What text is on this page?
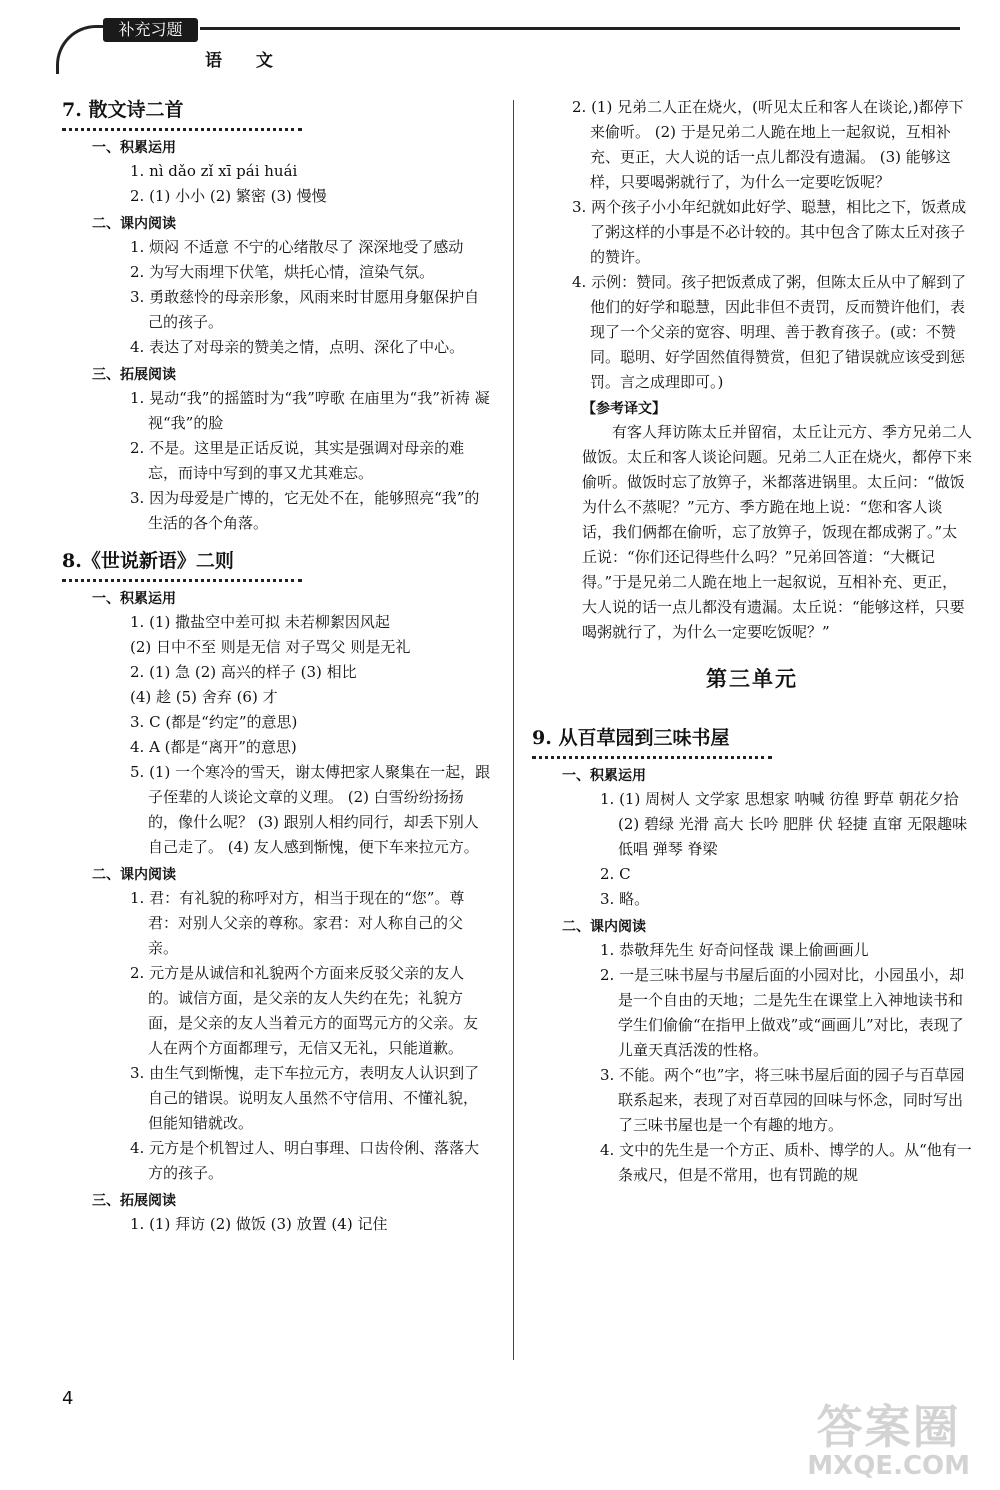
补充习题
语 文
7. 散文诗二首
一、积累运用
1. nì dǎo zǐ xī pái huái
2. (1) 小小 (2) 繁密 (3) 慢慢
二、课内阅读
1. 烦闷 不适意 不宁的心绪散尽了 深深地受了感动
2. 为写大雨埋下伏笔，烘托心情，渲染气氛。
3. 勇敢慈怜的母亲形象，风雨来时甘愿用身躯保护自己的孩子。
4. 表达了对母亲的赞美之情，点明、深化了中心。
三、拓展阅读
1. 晃动“我”的摇篮时为“我”哼歌 在庙里为“我”祈祷 凝视“我”的脸
2. 不是。这里是正话反说，其实是强调对母亲的难忘，而诗中写到的事又尤其难忘。
3. 因为母爱是广博的，它无处不在，能够照亮“我”的生活的各个角落。
8.《世说新语》二则
一、积累运用
1. (1) 撒盐空中差可拟 未若柳絮因风起
(2) 日中不至 则是无信 对子骂父 则是无礼
2. (1) 急 (2) 高兴的样子 (3) 相比
(4) 趁 (5) 舍弃 (6) 才
3. C (都是“约定”的意思)
4. A (都是“离开”的意思)
5. (1) 一个寒冷的雪天，谢太傅把家人聚集在一起，跟子侄辈的人谈论文章的义理。 (2) 白雪纷纷扬扬的，像什么呢？ (3) 跟别人相约同行，却丢下别人自己走了。 (4) 友人感到惭愧，便下车来拉元方。
二、课内阅读
1. 君：有礼貌的称呼对方，相当于现在的“您”。尊君：对别人父亲的尊称。家君：对人称自己的父亲。
2. 元方是从诚信和礼貌两个方面来反驳父亲的友人的。诚信方面，是父亲的友人失约在先；礼貌方面，是父亲的友人当着元方的面骂元方的父亲。友人在两个方面都理亏，无信又无礼，只能道歉。
3. 由生气到惭愧，走下车拉元方，表明友人认识到了自己的错误。说明友人虽然不守信用、不懂礼貌，但能知错就改。
4. 元方是个机智过人、明白事理、口齿伶俐、落落大方的孩子。
三、拓展阅读
1. (1) 拜访 (2) 做饭 (3) 放置 (4) 记住
2. (1) 兄弟二人正在烧火，(听见太丘和客人在谈论,)都停下来偷听。 (2) 于是兄弟二人跪在地上一起叙说，互相补充、更正，大人说的话一点儿都没有遗漏。 (3) 能够这样，只要喝粥就行了，为什么一定要吃饭呢？
3. 两个孩子小小年纪就如此好学、聪慧，相比之下，饭煮成了粥这样的小事是不必计较的。其中包含了陈太丘对孩子的赞许。
4. 示例：赞同。孩子把饭煮成了粥，但陈太丘从中了解到了他们的好学和聪慧，因此非但不责罚，反而赞许他们，表现了一个父亲的宽容、明理、善于教育孩子。(或：不赞同。聪明、好学固然值得赞赏，但犯了错误就应该受到惩罚。言之成理即可。)
【参考译文】

有客人拜访陈太丘并留宿，太丘让元方、季方兄弟二人做饭。太丘和客人谈论问题。兄弟二人正在烧火，都停下来偷听。做饭时忘了放箅子，米都落进锅里。太丘问：“做饭为什么不蒸呢？”元方、季方跪在地上说：“您和客人谈话，我们俩都在偷听，忘了放箅子，饭现在都成粥了。”太丘说：“你们还记得些什么吗？”兄弟回答道：“大概记得。”于是兄弟二人跪在地上一起叙说，互相补充、更正，大人说的话一点儿都没有遗漏。太丘说：“能够这样，只要喝粥就行了，为什么一定要吃饭呢？”

第三单元
9. 从百草园到三味书屋
一、积累运用
1. (1) 周树人 文学家 思想家 呐喊 彷徨 野草 朝花夕拾 (2) 碧绿 光滑 高大 长吟 肥胖 伏 轻捷 直窜 无限趣味 低唱 弹琴 脊梁
2. C
3. 略。
二、课内阅读
1. 恭敬拜先生 好奇问怪哉 课上偷画画儿
2. 一是三味书屋与书屋后面的小园对比，小园虽小，却是一个自由的天地；二是先生在课堂上入神地读书和学生们偷偷“在指甲上做戏”或“画画儿”对比，表现了儿童天真活泼的性格。
3. 不能。两个“也”字，将三味书屋后面的园子与百草园联系起来，表现了对百草园的回味与怀念，同时写出了三味书屋也是一个有趣的地方。
4. 文中的先生是一个方正、质朴、博学的人。从“他有一条戒尺，但是不常用，也有罚跪的规
4
答案圈
MXQE.COM
